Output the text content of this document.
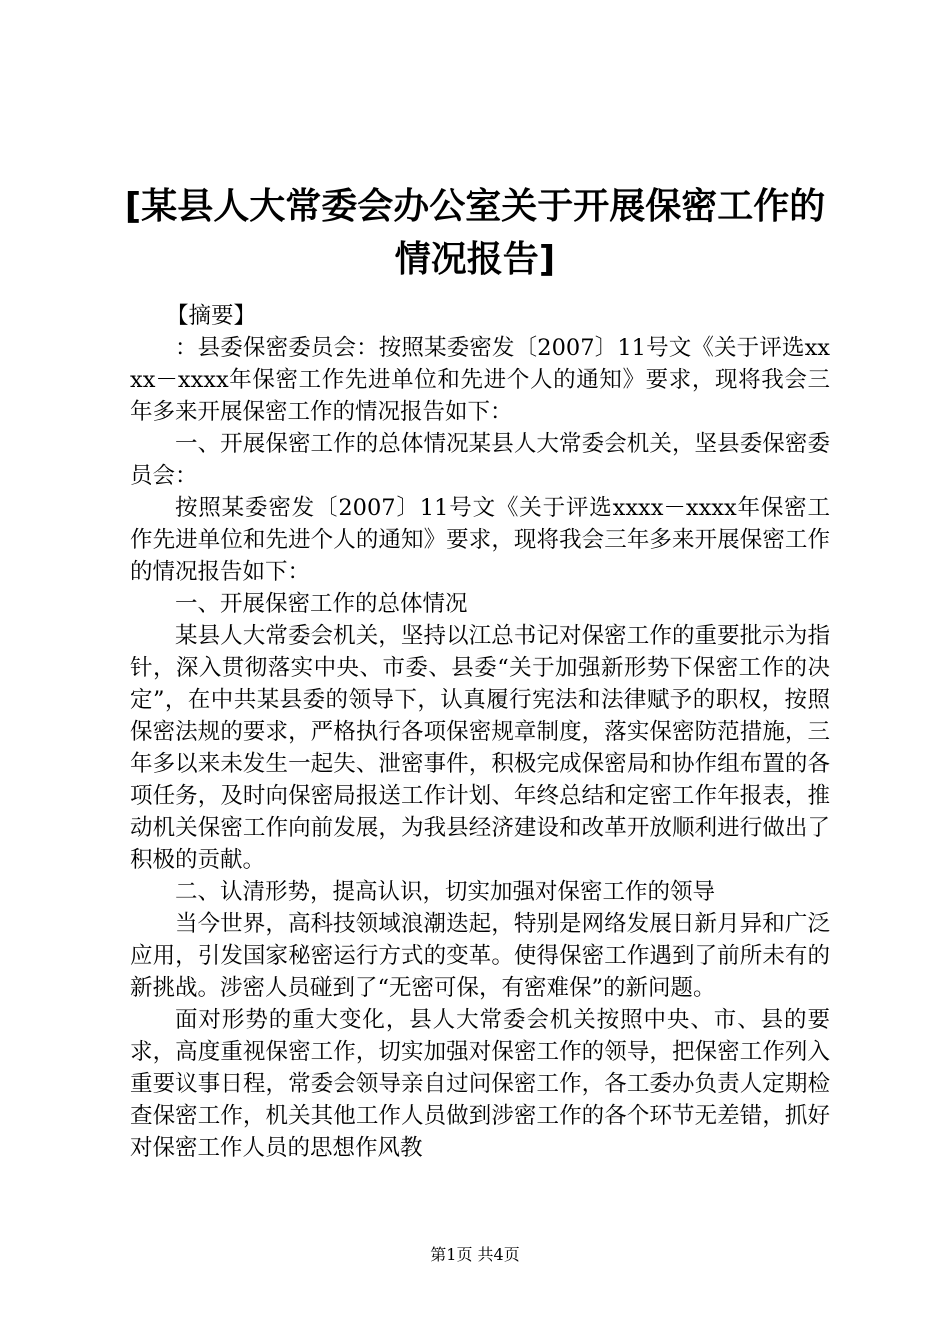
[某县人大常委会办公室关于开展保密工作的
情况报告]

【摘要】

：县委保密委员会：按照某委密发〔2007〕11号文《关于评选xxxx－xxxx年保密工作先进单位和先进个人的通知》要求，现将我会三年多来开展保密工作的情况报告如下：

一、开展保密工作的总体情况某县人大常委会机关，坚县委保密委员会：

按照某委密发〔2007〕11号文《关于评选xxxx－xxxx年保密工作先进单位和先进个人的通知》要求，现将我会三年多来开展保密工作的情况报告如下：

一、开展保密工作的总体情况

某县人大常委会机关，坚持以江总书记对保密工作的重要批示为指针，深入贯彻落实中央、市委、县委“关于加强新形势下保密工作的决定”，在中共某县委的领导下，认真履行宪法和法律赋予的职权，按照保密法规的要求，严格执行各项保密规章制度，落实保密防范措施，三年多以来未发生一起失、泄密事件，积极完成保密局和协作组布置的各项任务，及时向保密局报送工作计划、年终总结和定密工作年报表，推动机关保密工作向前发展，为我县经济建设和改革开放顺利进行做出了积极的贡献。

二、认清形势，提高认识，切实加强对保密工作的领导

当今世界，高科技领域浪潮迭起，特别是网络发展日新月异和广泛应用，引发国家秘密运行方式的变革。使得保密工作遇到了前所未有的新挑战。涉密人员碰到了“无密可保，有密难保”的新问题。

面对形势的重大变化，县人大常委会机关按照中央、市、县的要求，高度重视保密工作，切实加强对保密工作的领导，把保密工作列入重要议事日程，常委会领导亲自过问保密工作，各工委办负责人定期检查保密工作，机关其他工作人员做到涉密工作的各个环节无差错，抓好对保密工作人员的思想作风教

第1页 共4页
